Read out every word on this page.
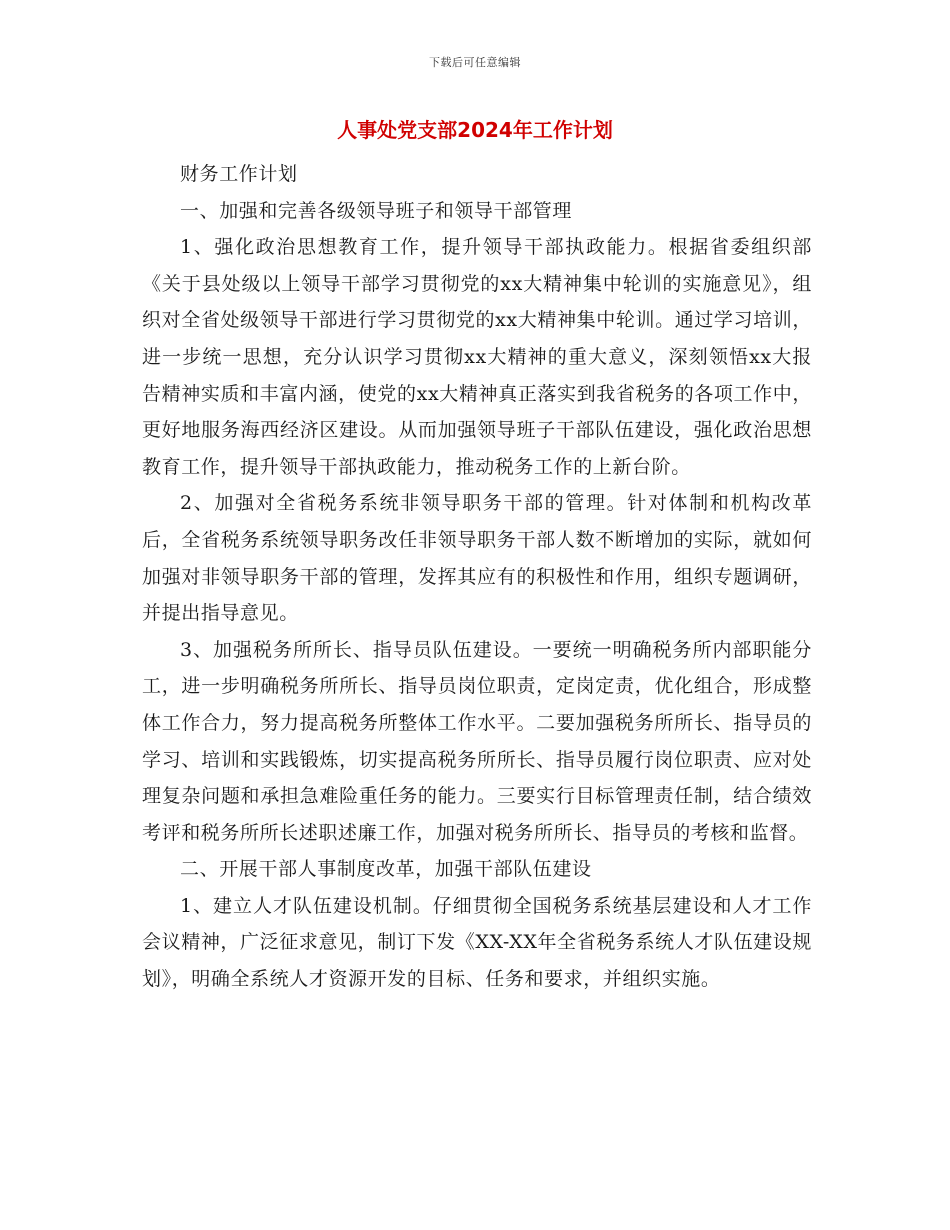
下载后可任意编辑
人事处党支部2024年工作计划

财务工作计划

一、加强和完善各级领导班子和领导干部管理

1、强化政治思想教育工作，提升领导干部执政能力。根据省委组织部《关于县处级以上领导干部学习贯彻党的xx大精神集中轮训的实施意见》，组织对全省处级领导干部进行学习贯彻党的xx大精神集中轮训。通过学习培训，进一步统一思想，充分认识学习贯彻xx大精神的重大意义，深刻领悟xx大报告精神实质和丰富内涵，使党的xx大精神真正落实到我省税务的各项工作中，更好地服务海西经济区建设。从而加强领导班子干部队伍建设，强化政治思想教育工作，提升领导干部执政能力，推动税务工作的上新台阶。

2、加强对全省税务系统非领导职务干部的管理。针对体制和机构改革后，全省税务系统领导职务改任非领导职务干部人数不断增加的实际，就如何加强对非领导职务干部的管理，发挥其应有的积极性和作用，组织专题调研，并提出指导意见。

3、加强税务所所长、指导员队伍建设。一要统一明确税务所内部职能分工，进一步明确税务所所长、指导员岗位职责，定岗定责，优化组合，形成整体工作合力，努力提高税务所整体工作水平。二要加强税务所所长、指导员的学习、培训和实践锻炼，切实提高税务所所长、指导员履行岗位职责、应对处理复杂问题和承担急难险重任务的能力。三要实行目标管理责任制，结合绩效考评和税务所所长述职述廉工作，加强对税务所所长、指导员的考核和监督。

二、开展干部人事制度改革，加强干部队伍建设

1、建立人才队伍建设机制。仔细贯彻全国税务系统基层建设和人才工作会议精神，广泛征求意见，制订下发《XX-XX年全省税务系统人才队伍建设规划》，明确全系统人才资源开发的目标、任务和要求，并组织实施。
